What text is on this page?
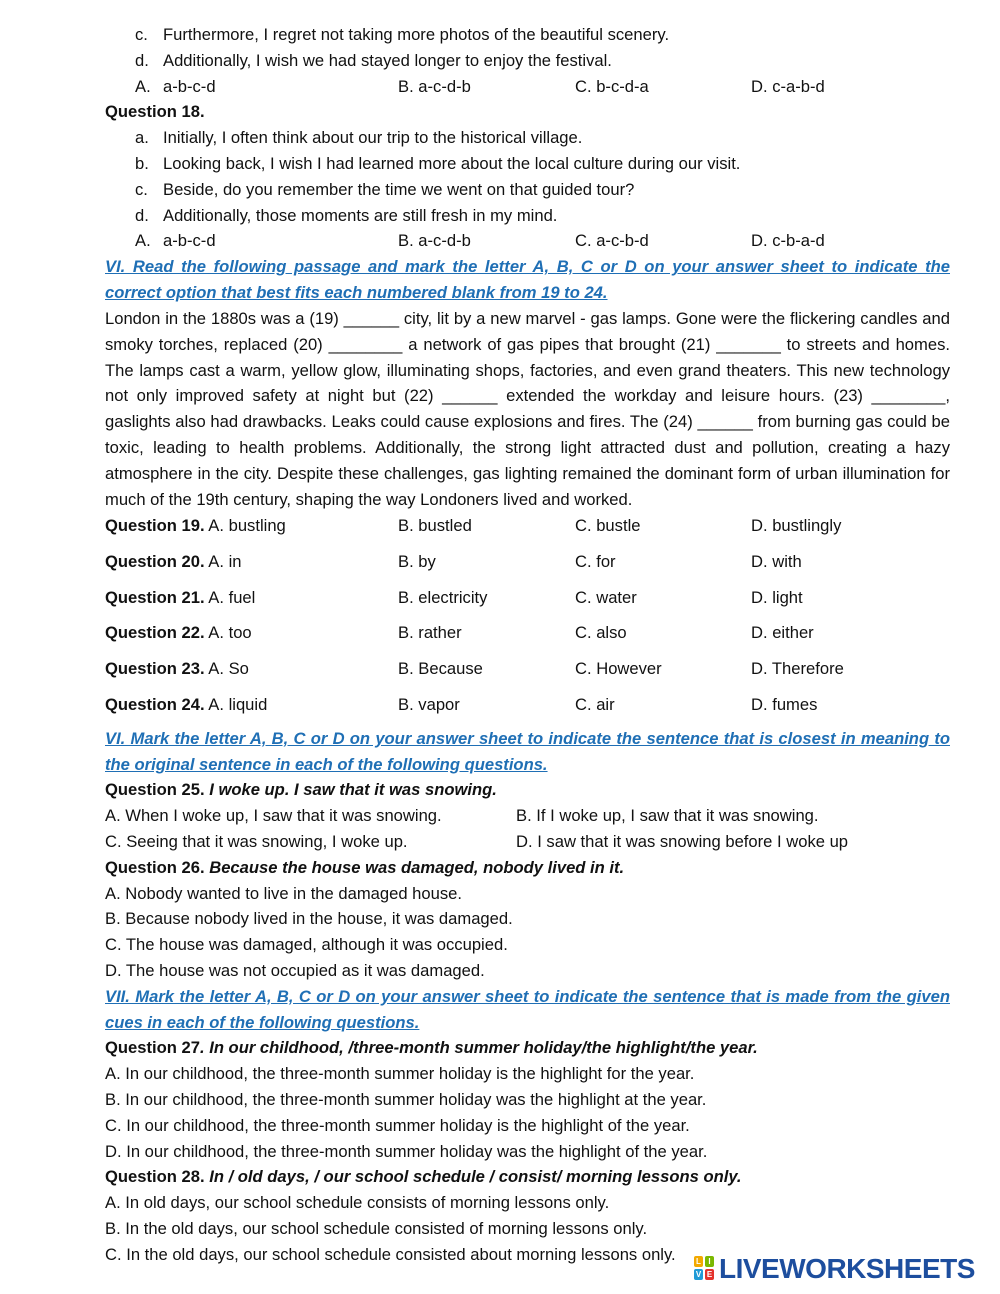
c. Furthermore, I regret not taking more photos of the beautiful scenery.
d. Additionally, I wish we had stayed longer to enjoy the festival.
A. a-b-c-d	B. a-c-d-b	C. b-c-d-a	D. c-a-b-d
Question 18.
a. Initially, I often think about our trip to the historical village.
b. Looking back, I wish I had learned more about the local culture during our visit.
c. Beside, do you remember the time we went on that guided tour?
d. Additionally, those moments are still fresh in my mind.
A. a-b-c-d	B. a-c-d-b	C. a-c-b-d	D. c-b-a-d
VI. Read the following passage and mark the letter A, B, C or D on your answer sheet to indicate the correct option that best fits each numbered blank from 19 to 24.
London in the 1880s was a (19) ______ city, lit by a new marvel - gas lamps. Gone were the flickering candles and smoky torches, replaced (20) ________ a network of gas pipes that brought (21) _______ to streets and homes. The lamps cast a warm, yellow glow, illuminating shops, factories, and even grand theaters. This new technology not only improved safety at night but (22) ______ extended the workday and leisure hours. (23) ________, gaslights also had drawbacks. Leaks could cause explosions and fires. The (24) ______ from burning gas could be toxic, leading to health problems. Additionally, the strong light attracted dust and pollution, creating a hazy atmosphere in the city. Despite these challenges, gas lighting remained the dominant form of urban illumination for much of the 19th century, shaping the way Londoners lived and worked.
Question 19. A. bustling	B. bustled	C. bustle	D. bustlingly
Question 20. A. in	B. by	C. for	D. with
Question 21. A. fuel	B. electricity	C. water	D. light
Question 22. A. too	B. rather	C. also	D. either
Question 23. A. So	B. Because	C. However	D. Therefore
Question 24. A. liquid	B. vapor	C. air	D. fumes
VI. Mark the letter A, B, C or D on your answer sheet to indicate the sentence that is closest in meaning to the original sentence in each of the following questions.
Question 25. I woke up. I saw that it was snowing.
A. When I woke up, I saw that it was snowing.	B. If I woke up, I saw that it was snowing.
C. Seeing that it was snowing, I woke up.	D. I saw that it was snowing before I woke up
Question 26. Because the house was damaged, nobody lived in it.
A. Nobody wanted to live in the damaged house.
B. Because nobody lived in the house, it was damaged.
C. The house was damaged, although it was occupied.
D. The house was not occupied as it was damaged.
VII. Mark the letter A, B, C or D on your answer sheet to indicate the sentence that is made from the given cues in each of the following questions.
Question 27. In our childhood, /three-month summer holiday/the highlight/the year.
A. In our childhood, the three-month summer holiday is the highlight for the year.
B. In our childhood, the three-month summer holiday was the highlight at the year.
C. In our childhood, the three-month summer holiday is the highlight of the year.
D. In our childhood, the three-month summer holiday was the highlight of the year.
Question 28. In / old days, / our school schedule / consist/ morning lessons only.
A. In old days, our school schedule consists of morning lessons only.
B. In the old days, our school schedule consisted of morning lessons only.
C. In the old days, our school schedule consisted about morning lessons only.	L I
V E LIVEWORKSHEETS
